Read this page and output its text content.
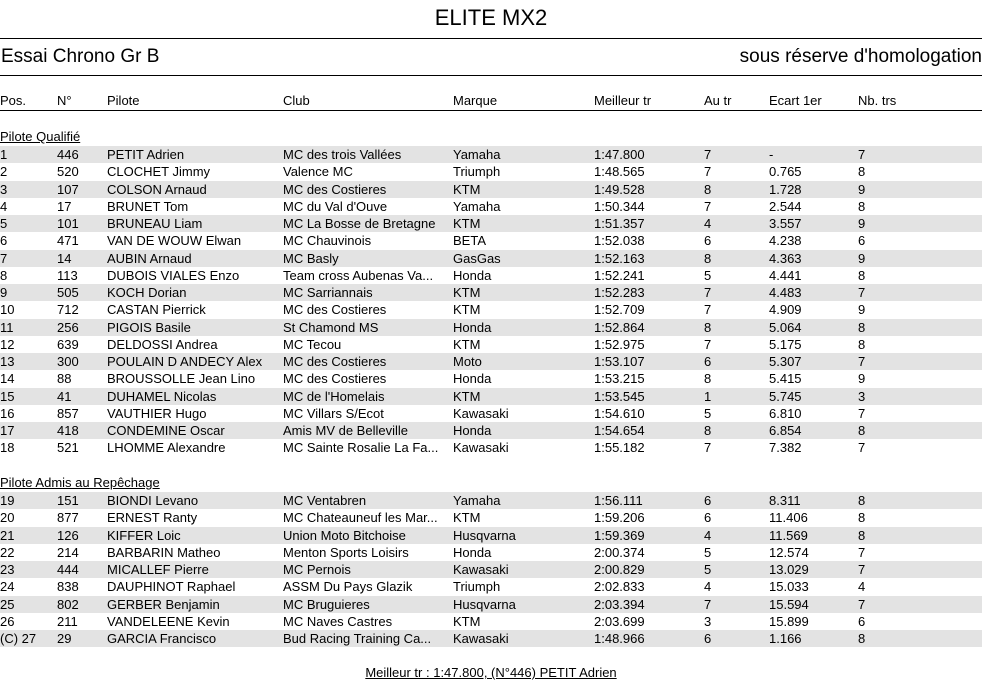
ELITE MX2
Essai Chrono Gr B	sous réserve d'homologation
Pos.	N°	Pilote	Club	Marque	Meilleur tr	Au tr	Ecart 1er	Nb. trs
Pilote Qualifié
1	446	PETIT Adrien	MC des trois Vallées	Yamaha	1:47.800	7	-	7
2	520	CLOCHET Jimmy	Valence MC	Triumph	1:48.565	7	0.765	8
3	107	COLSON Arnaud	MC des Costieres	KTM	1:49.528	8	1.728	9
4	17	BRUNET Tom	MC du Val d'Ouve	Yamaha	1:50.344	7	2.544	8
5	101	BRUNEAU Liam	MC La Bosse de Bretagne	KTM	1:51.357	4	3.557	9
6	471	VAN DE WOUW Elwan	MC Chauvinois	BETA	1:52.038	6	4.238	6
7	14	AUBIN Arnaud	MC Basly	GasGas	1:52.163	8	4.363	9
8	113	DUBOIS VIALES Enzo	Team cross Aubenas Va...	Honda	1:52.241	5	4.441	8
9	505	KOCH Dorian	MC Sarriannais	KTM	1:52.283	7	4.483	7
10	712	CASTAN Pierrick	MC des Costieres	KTM	1:52.709	7	4.909	9
11	256	PIGOIS Basile	St Chamond MS	Honda	1:52.864	8	5.064	8
12	639	DELDOSSI Andrea	MC Tecou	KTM	1:52.975	7	5.175	8
13	300	POULAIN D ANDECY Alex	MC des Costieres	Moto	1:53.107	6	5.307	7
14	88	BROUSSOLLE Jean Lino	MC des Costieres	Honda	1:53.215	8	5.415	9
15	41	DUHAMEL Nicolas	MC de l'Homelais	KTM	1:53.545	1	5.745	3
16	857	VAUTHIER Hugo	MC Villars S/Ecot	Kawasaki	1:54.610	5	6.810	7
17	418	CONDEMINE Oscar	Amis MV de Belleville	Honda	1:54.654	8	6.854	8
18	521	LHOMME Alexandre	MC Sainte Rosalie La Fa...	Kawasaki	1:55.182	7	7.382	7
Pilote Admis au Repêchage
19	151	BIONDI Levano	MC Ventabren	Yamaha	1:56.111	6	8.311	8
20	877	ERNEST Ranty	MC Chateauneuf les Mar...	KTM	1:59.206	6	11.406	8
21	126	KIFFER Loic	Union Moto Bitchoise	Husqvarna	1:59.369	4	11.569	8
22	214	BARBARIN Matheo	Menton Sports Loisirs	Honda	2:00.374	5	12.574	7
23	444	MICALLEF Pierre	MC Pernois	Kawasaki	2:00.829	5	13.029	7
24	838	DAUPHINOT Raphael	ASSM Du Pays Glazik	Triumph	2:02.833	4	15.033	4
25	802	GERBER Benjamin	MC Bruguieres	Husqvarna	2:03.394	7	15.594	7
26	211	VANDELEENE Kevin	MC Naves Castres	KTM	2:03.699	3	15.899	6
(C) 27	29	GARCIA Francisco	Bud Racing Training Ca...	Kawasaki	1:48.966	6	1.166	8
Meilleur tr : 1:47.800, (N°446) PETIT Adrien
